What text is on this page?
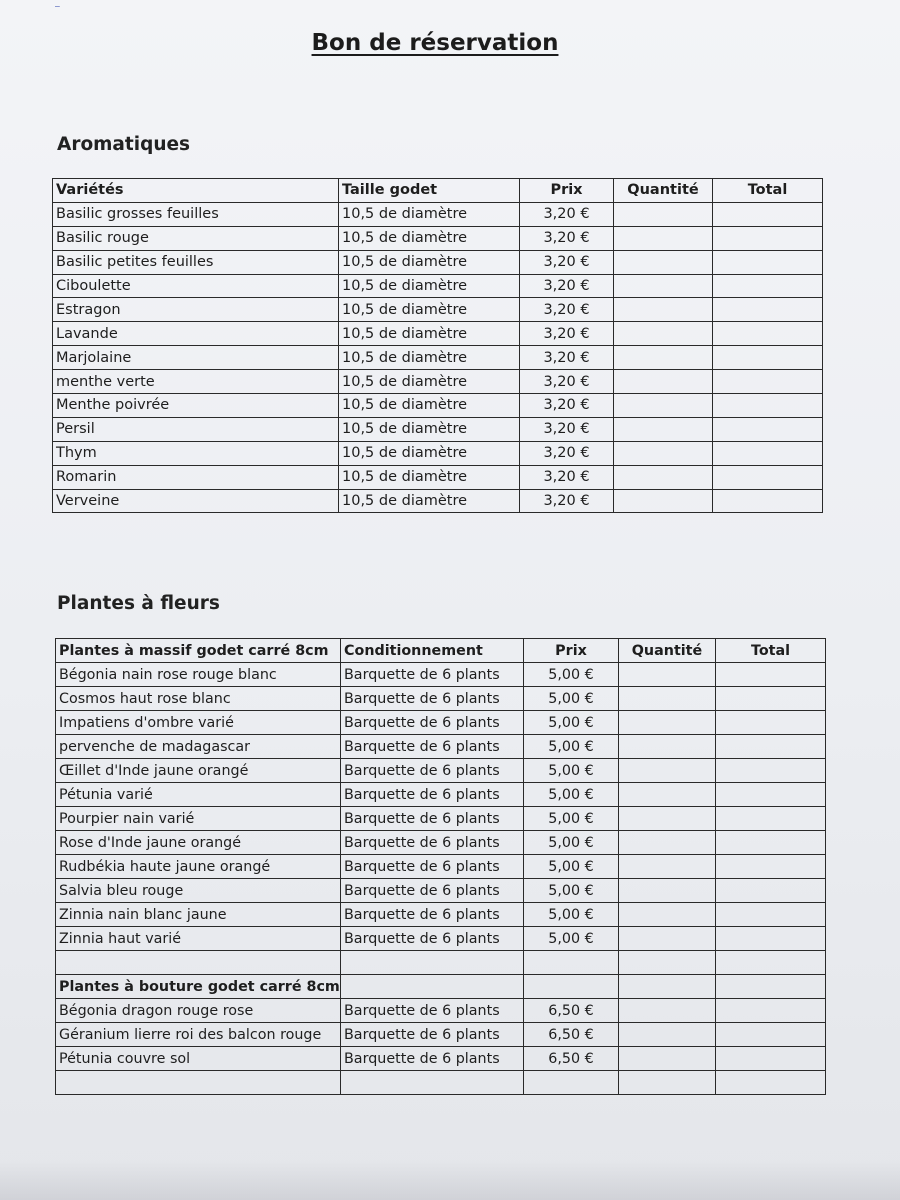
Bon de réservation
Aromatiques
Variétés	Taille godet	Prix	Quantité	Total
Basilic grosses feuilles	10,5 de diamètre	3,20 €		
Basilic rouge	10,5 de diamètre	3,20 €		
Basilic petites feuilles	10,5 de diamètre	3,20 €		
Ciboulette	10,5 de diamètre	3,20 €		
Estragon	10,5 de diamètre	3,20 €		
Lavande	10,5 de diamètre	3,20 €		
Marjolaine	10,5 de diamètre	3,20 €		
menthe verte	10,5 de diamètre	3,20 €		
Menthe poivrée	10,5 de diamètre	3,20 €		
Persil	10,5 de diamètre	3,20 €		
Thym	10,5 de diamètre	3,20 €		
Romarin	10,5 de diamètre	3,20 €		
Verveine	10,5 de diamètre	3,20 €		
Plantes à fleurs
Plantes à massif godet carré 8cm	Conditionnement	Prix	Quantité	Total
Bégonia nain rose rouge blanc	Barquette de 6 plants	5,00 €		
Cosmos haut rose blanc	Barquette de 6 plants	5,00 €		
Impatiens d'ombre varié	Barquette de 6 plants	5,00 €		
pervenche de madagascar	Barquette de 6 plants	5,00 €		
Œillet d'Inde jaune orangé	Barquette de 6 plants	5,00 €		
Pétunia varié	Barquette de 6 plants	5,00 €		
Pourpier nain varié	Barquette de 6 plants	5,00 €		
Rose d'Inde jaune orangé	Barquette de 6 plants	5,00 €		
Rudbékia haute jaune orangé	Barquette de 6 plants	5,00 €		
Salvia bleu rouge	Barquette de 6 plants	5,00 €		
Zinnia nain blanc jaune	Barquette de 6 plants	5,00 €		
Zinnia haut varié	Barquette de 6 plants	5,00 €		

Plantes à bouture godet carré 8cm				
Bégonia dragon rouge rose	Barquette de 6 plants	6,50 €		
Géranium lierre roi des balcon rouge	Barquette de 6 plants	6,50 €		
Pétunia couvre sol	Barquette de 6 plants	6,50 €		
